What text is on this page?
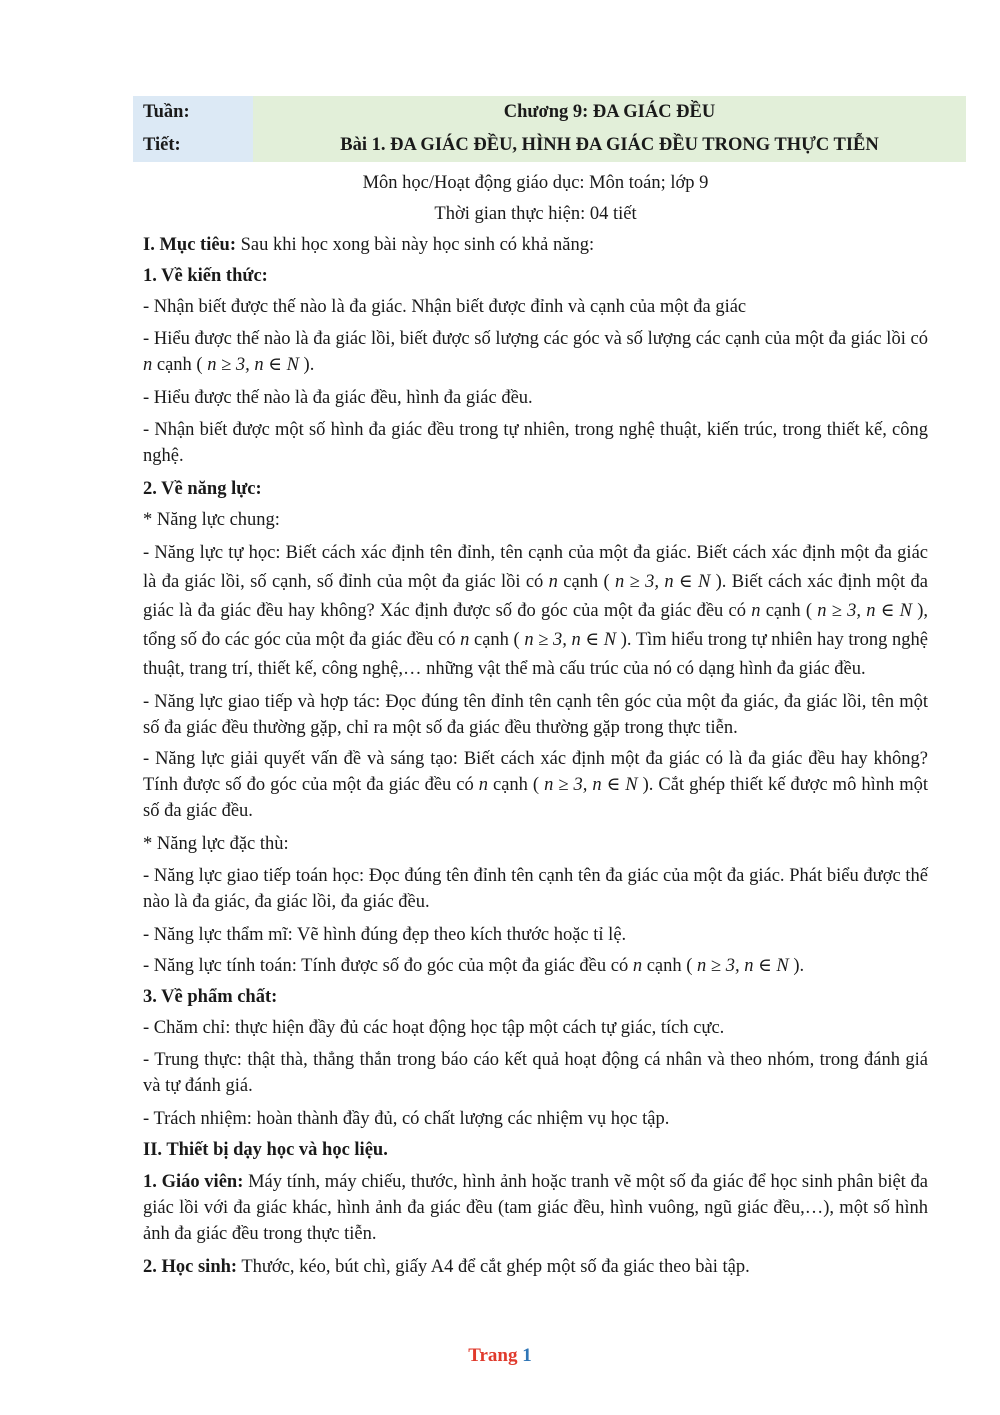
Tuần:	Chương 9: ĐA GIÁC ĐỀU
Tiết:	Bài 1. ĐA GIÁC ĐỀU, HÌNH ĐA GIÁC ĐỀU TRONG THỰC TIỄN
Môn học/Hoạt động giáo dục: Môn toán; lớp 9
Thời gian thực hiện: 04 tiết
I. Mục tiêu: Sau khi học xong bài này học sinh có khả năng:
1. Về kiến thức:
- Nhận biết được thế nào là đa giác. Nhận biết được đỉnh và cạnh của một đa giác
- Hiểu được thế nào là đa giác lồi, biết được số lượng các góc và số lượng các cạnh của một đa giác lồi có n cạnh ( n ≥ 3, n ∈ N ).
- Hiểu được thế nào là đa giác đều, hình đa giác đều.
- Nhận biết được một số hình đa giác đều trong tự nhiên, trong nghệ thuật, kiến trúc, trong thiết kế, công nghệ.
2. Về năng lực:
* Năng lực chung:
- Năng lực tự học: Biết cách xác định tên đỉnh, tên cạnh của một đa giác. Biết cách xác định một đa giác là đa giác lồi, số cạnh, số đỉnh của một đa giác lồi có n cạnh ( n ≥ 3, n ∈ N ). Biết cách xác định một đa giác là đa giác đều hay không? Xác định được số đo góc của một đa giác đều có n cạnh ( n ≥ 3, n ∈ N ), tổng số đo các góc của một đa giác đều có n cạnh ( n ≥ 3, n ∈ N ). Tìm hiểu trong tự nhiên hay trong nghệ thuật, trang trí, thiết kế, công nghệ,… những vật thể mà cấu trúc của nó có dạng hình đa giác đều.
- Năng lực giao tiếp và hợp tác: Đọc đúng tên đỉnh tên cạnh tên góc của một đa giác, đa giác lồi, tên một số đa giác đều thường gặp, chỉ ra một số đa giác đều thường gặp trong thực tiễn.
- Năng lực giải quyết vấn đề và sáng tạo: Biết cách xác định một đa giác có là đa giác đều hay không? Tính được số đo góc của một đa giác đều có n cạnh ( n ≥ 3, n ∈ N ). Cắt ghép thiết kế được mô hình một số đa giác đều.
* Năng lực đặc thù:
- Năng lực giao tiếp toán học: Đọc đúng tên đỉnh tên cạnh tên đa giác của một đa giác. Phát biểu được thế nào là đa giác, đa giác lồi, đa giác đều.
- Năng lực thẩm mĩ: Vẽ hình đúng đẹp theo kích thước hoặc tỉ lệ.
- Năng lực tính toán: Tính được số đo góc của một đa giác đều có n cạnh ( n ≥ 3, n ∈ N ).
3. Về phẩm chất:
- Chăm chỉ: thực hiện đầy đủ các hoạt động học tập một cách tự giác, tích cực.
- Trung thực: thật thà, thẳng thắn trong báo cáo kết quả hoạt động cá nhân và theo nhóm, trong đánh giá và tự đánh giá.
- Trách nhiệm: hoàn thành đầy đủ, có chất lượng các nhiệm vụ học tập.
II. Thiết bị dạy học và học liệu.
1. Giáo viên: Máy tính, máy chiếu, thước, hình ảnh hoặc tranh vẽ một số đa giác để học sinh phân biệt đa giác lồi với đa giác khác, hình ảnh đa giác đều (tam giác đều, hình vuông, ngũ giác đều,…), một số hình ảnh đa giác đều trong thực tiễn.
2. Học sinh: Thước, kéo, bút chì, giấy A4 để cắt ghép một số đa giác theo bài tập.
Trang 1
